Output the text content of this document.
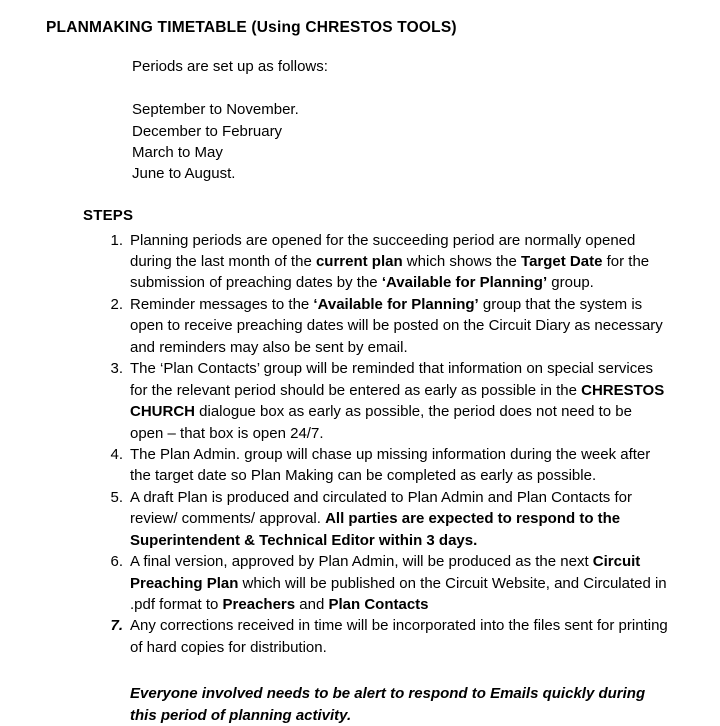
PLANMAKING TIMETABLE (Using CHRESTOS TOOLS)

Periods are set up as follows:

September to November.
December to February
March to May
June to August.
STEPS
Planning periods are opened for the succeeding period are normally opened during the last month of the current plan which shows the Target Date for the submission of preaching dates by the ‘Available for Planning’ group.
Reminder messages to the ‘Available for Planning’ group that the system is open to receive preaching dates will be posted on the Circuit Diary as necessary and reminders may also be sent by email.
The ‘Plan Contacts’ group will be reminded that information on special services for the relevant period should be entered as early as possible in the CHRESTOS CHURCH dialogue box as early as possible, the period does not need to be open – that box is open 24/7.
The Plan Admin. group will chase up missing information during the week after the target date so Plan Making can be completed as early as possible.
A draft Plan is produced and circulated to Plan Admin and Plan Contacts for review/ comments/ approval. All parties are expected to respond to the Superintendent & Technical Editor within 3 days.
A final version, approved by Plan Admin, will be produced as the next Circuit Preaching Plan which will be published on the Circuit Website, and Circulated in .pdf format to Preachers and Plan Contacts
Any corrections received in time will be incorporated into the files sent for printing of hard copies for distribution.
Everyone involved needs to be alert to respond to Emails quickly during this period of planning activity.
